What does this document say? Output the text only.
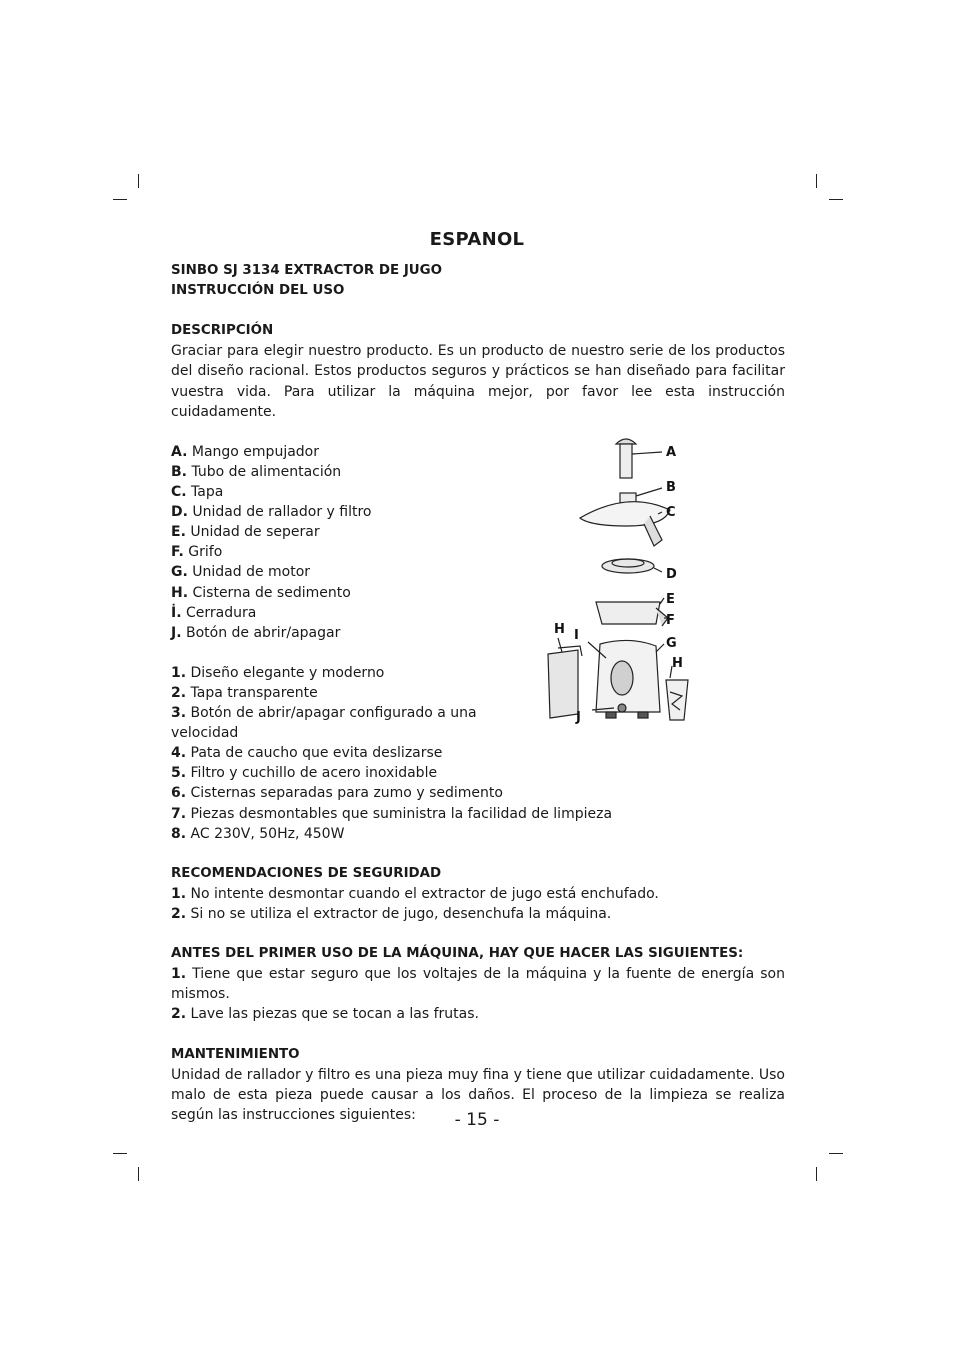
ESPANOL

SINBO SJ 3134 EXTRACTOR DE JUGO

INSTRUCCIÓN DEL USO

DESCRIPCIÓN

Graciar para elegir nuestro producto. Es un producto de nuestro serie de los productos del diseño racional. Estos productos seguros y prácticos se han diseñado para facilitar vuestra vida. Para utilizar la máquina mejor, por favor lee esta instrucción cuidadamente.

A. Mango empujador

B. Tubo de alimentación

C. Tapa

D. Unidad de rallador y filtro

E. Unidad de seperar

F. Grifo

G. Unidad de motor

H. Cisterna de sedimento

İ. Cerradura

J. Botón de abrir/apagar

1. Diseño elegante y moderno

2. Tapa transparente

3. Botón de abrir/apagar configurado a una velocidad

4. Pata de caucho que evita deslizarse

5. Filtro y cuchillo de acero inoxidable

6. Cisternas separadas para zumo y sedimento

7. Piezas desmontables que suministra la facilidad de limpieza

8. AC 230V, 50Hz, 450W

RECOMENDACIONES DE SEGURIDAD

1. No intente desmontar cuando el extractor de jugo está enchufado.

2. Si no se utiliza el extractor de jugo, desenchufa la máquina.

ANTES DEL PRIMER USO DE LA MÁQUINA, HAY QUE HACER LAS SIGUIENTES:

1. Tiene que estar seguro que los voltajes de la máquina y la fuente de energía son mismos.

2. Lave las piezas que se tocan a las frutas.

MANTENIMIENTO

Unidad de rallador y filtro es una pieza muy fina y tiene que utilizar cuidadamente. Uso malo de esta pieza puede causar a los daños. El proceso de la limpieza se realiza según las instrucciones siguientes:

A
B
C
D
E
F
G
H
H I
J
- 15 -
